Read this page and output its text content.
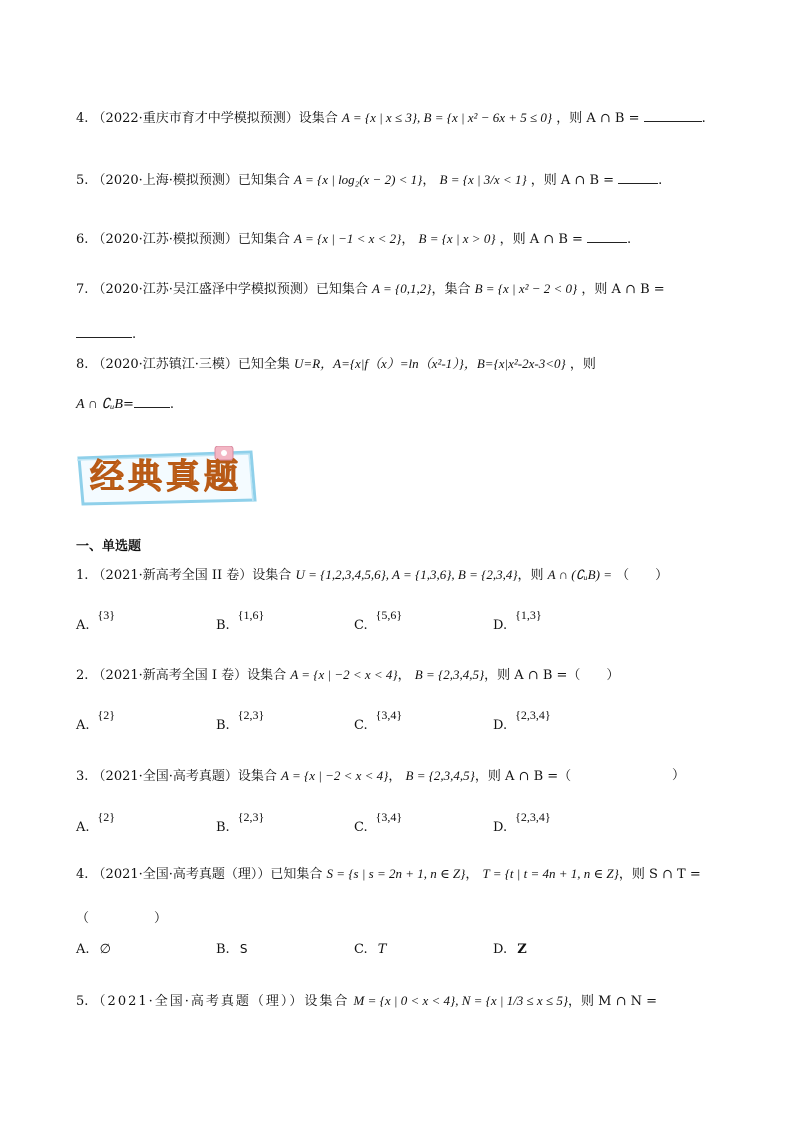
4. （2022·重庆市育才中学模拟预测）设集合 A = {x | x ≤ 3}, B = {x | x² − 6x + 5 ≤ 0} ，则 A ∩ B =	.
5. （2020·上海·模拟预测）已知集合 A = {x | log₂(x − 2) < 1}， B = {x | 3/x < 1} ，则 A ∩ B =	.
6. （2020·江苏·模拟预测）已知集合 A = {x | −1 < x < 2}， B = {x | x > 0} ，则 A ∩ B =	.
7. （2020·江苏·吴江盛泽中学模拟预测）已知集合 A = {0,1,2}，集合 B = {x | x² − 2 < 0} ，则 A ∩ B =
.
8. （2020·江苏镇江·三模）已知全集 U=R，A={x|f（x）=ln（x²-1）}，B={x|x²-2x-3<0} ，则
A ∩ ∁ᵤB=	.
经典真题
一、单选题
1. （2021·新高考全国 II 卷）设集合 U = {1,2,3,4,5,6}, A = {1,3,6}, B = {2,3,4}，则 A ∩ (∁ᵤB) = （　　）
A.{3}
B.{1,6}
C.{5,6}
D.{1,3}
2. （2021·新高考全国 I 卷）设集合 A = {x | −2 < x < 4}， B = {2,3,4,5}，则 A ∩ B =（　　）
A.{2}
B.{2,3}
C.{3,4}
D.{2,3,4}
3. （2021·全国·高考真题）设集合 A = {x | −2 < x < 4}， B = {2,3,4,5}，则 A ∩ B =（	）
A.{2}
B.{2,3}
C.{3,4}
D.{2,3,4}
4. （2021·全国·高考真题（理））已知集合 S = {s | s = 2n + 1, n ∈ Z}， T = {t | t = 4n + 1, n ∈ Z}，则 S ∩ T =
（　　　　　）
A. ∅	B. S	C. T	D. Z
5. （2021·全国·高考真题（理））设集合 M = {x | 0 < x < 4}, N = {x | 1/3 ≤ x ≤ 5}，则 M ∩ N =
